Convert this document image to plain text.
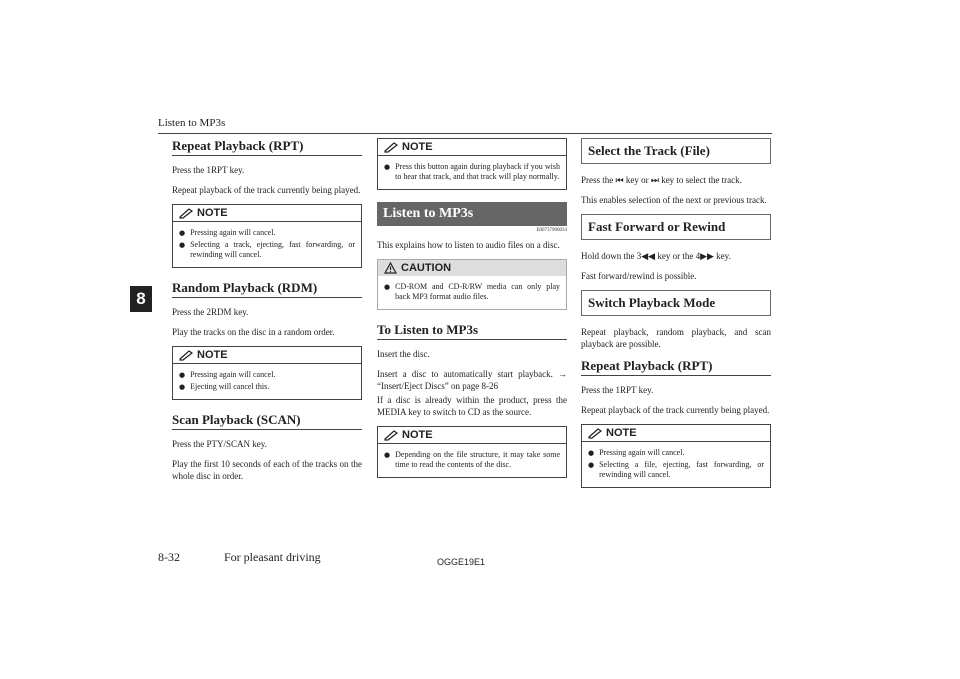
Listen to MP3s
8
Repeat Playback (RPT)
Press the 1RPT key.
Repeat playback of the track currently being played.
NOTE
● Pressing again will cancel.
● Selecting a track, ejecting, fast forwarding, or rewinding will cancel.
Random Playback (RDM)
Press the 2RDM key.
Play the tracks on the disc in a random order.
NOTE
● Pressing again will cancel.
● Ejecting will cancel this.
Scan Playback (SCAN)
Press the PTY/SCAN key.
Play the first 10 seconds of each of the tracks on the whole disc in order.
NOTE
● Press this button again during playback if you wish to hear that track, and that track will play normally.
Listen to MP3s
E00737900034
This explains how to listen to audio files on a disc.
CAUTION
● CD-ROM and CD-R/RW media can only play back MP3 format audio files.
To Listen to MP3s
Insert the disc.
Insert a disc to automatically start playback. → “Insert/Eject Discs” on page 8-26
If a disc is already within the product, press the MEDIA key to switch to CD as the source.
NOTE
● Depending on the file structure, it may take some time to read the contents of the disc.
Select the Track (File)
Press the ⏮ key or ⏭ key to select the track.
This enables selection of the next or previous track.
Fast Forward or Rewind
Hold down the 3◀◀ key or the 4▶▶ key.
Fast forward/rewind is possible.
Switch Playback Mode
Repeat playback, random playback, and scan playback are possible.
Repeat Playback (RPT)
Press the 1RPT key.
Repeat playback of the track currently being played.
NOTE
● Pressing again will cancel.
● Selecting a file, ejecting, fast forwarding, or rewinding will cancel.
8-32	For pleasant driving	OGGE19E1
